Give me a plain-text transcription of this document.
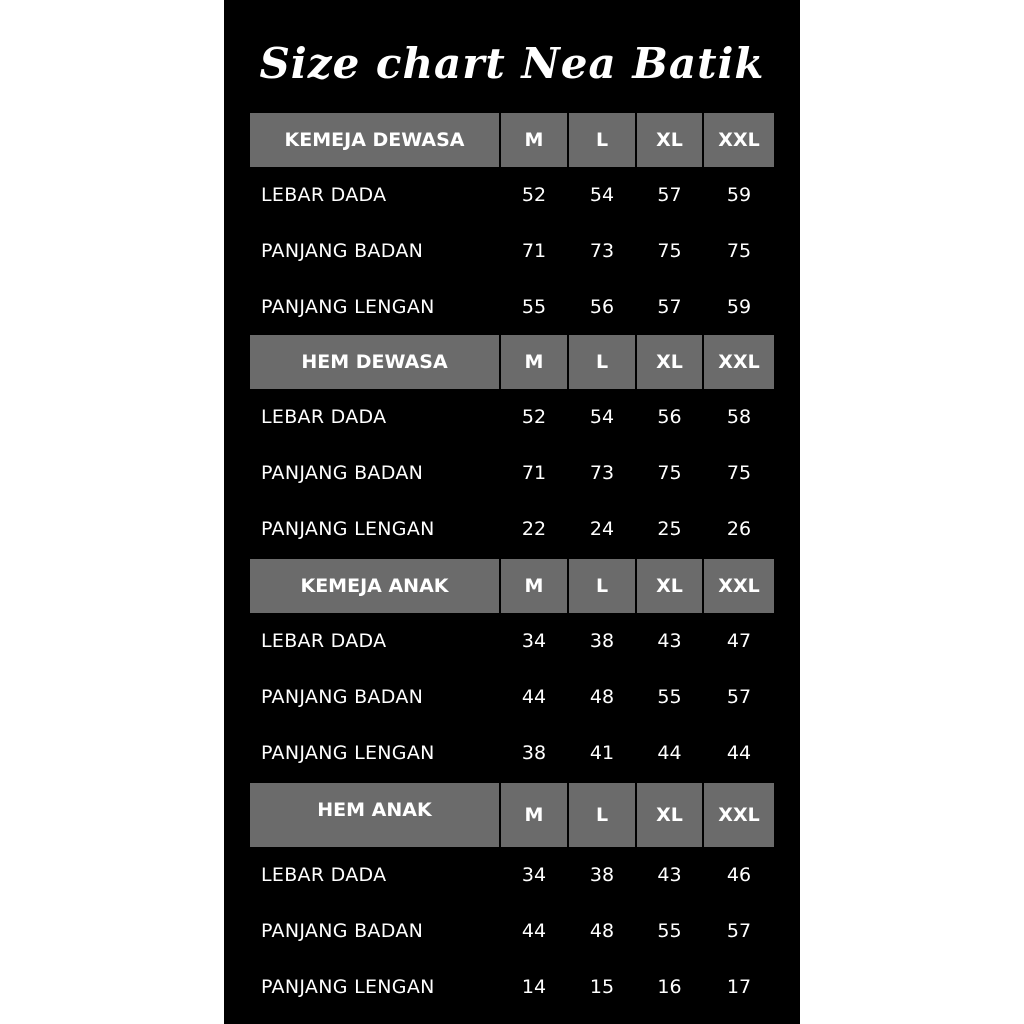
Size chart Nea Batik
KEMEJA DEWASA	M	L	XL	XXL
LEBAR DADA	52	54	57	59
PANJANG BADAN	71	73	75	75
PANJANG LENGAN	55	56	57	59
HEM DEWASA	M	L	XL	XXL
LEBAR DADA	52	54	56	58
PANJANG BADAN	71	73	75	75
PANJANG LENGAN	22	24	25	26
KEMEJA ANAK	M	L	XL	XXL
LEBAR DADA	34	38	43	47
PANJANG BADAN	44	48	55	57
PANJANG LENGAN	38	41	44	44
HEM ANAK	M	L	XL	XXL
LEBAR DADA	34	38	43	46
PANJANG BADAN	44	48	55	57
PANJANG LENGAN	14	15	16	17
